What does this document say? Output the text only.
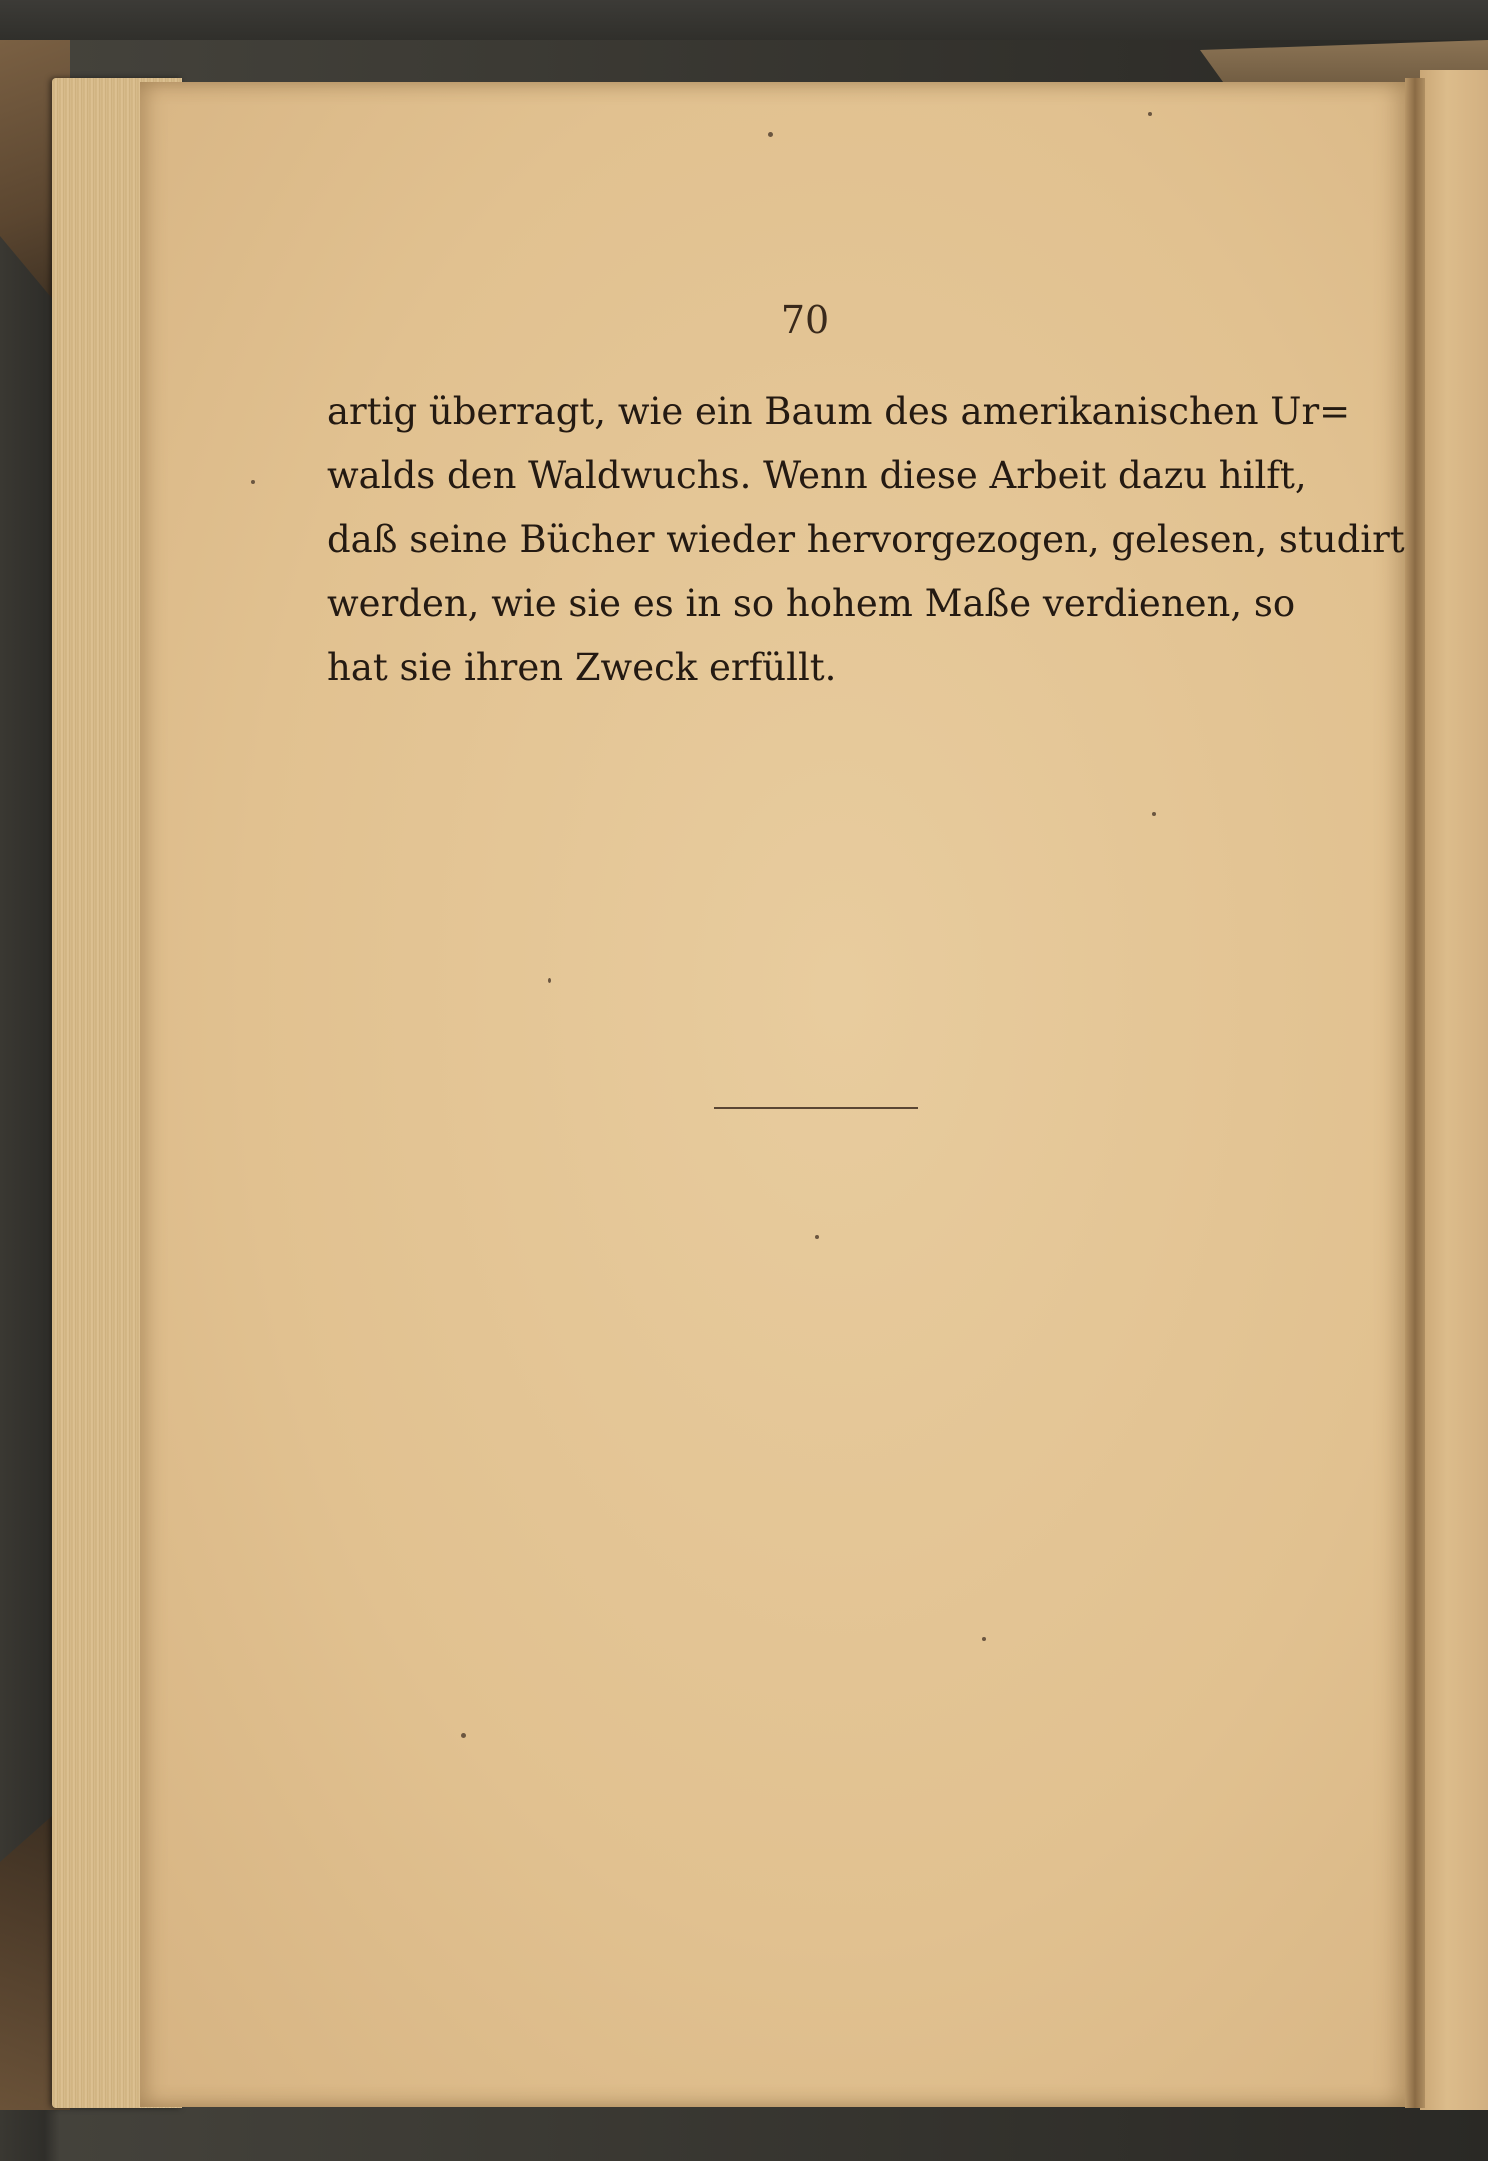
70
artig überragt, wie ein Baum des amerikanischen Ur=
walds den Waldwuchs. Wenn diese Arbeit dazu hilft,
daß seine Bücher wieder hervorgezogen, gelesen, studirt
werden, wie sie es in so hohem Maße verdienen, so
hat sie ihren Zweck erfüllt.
